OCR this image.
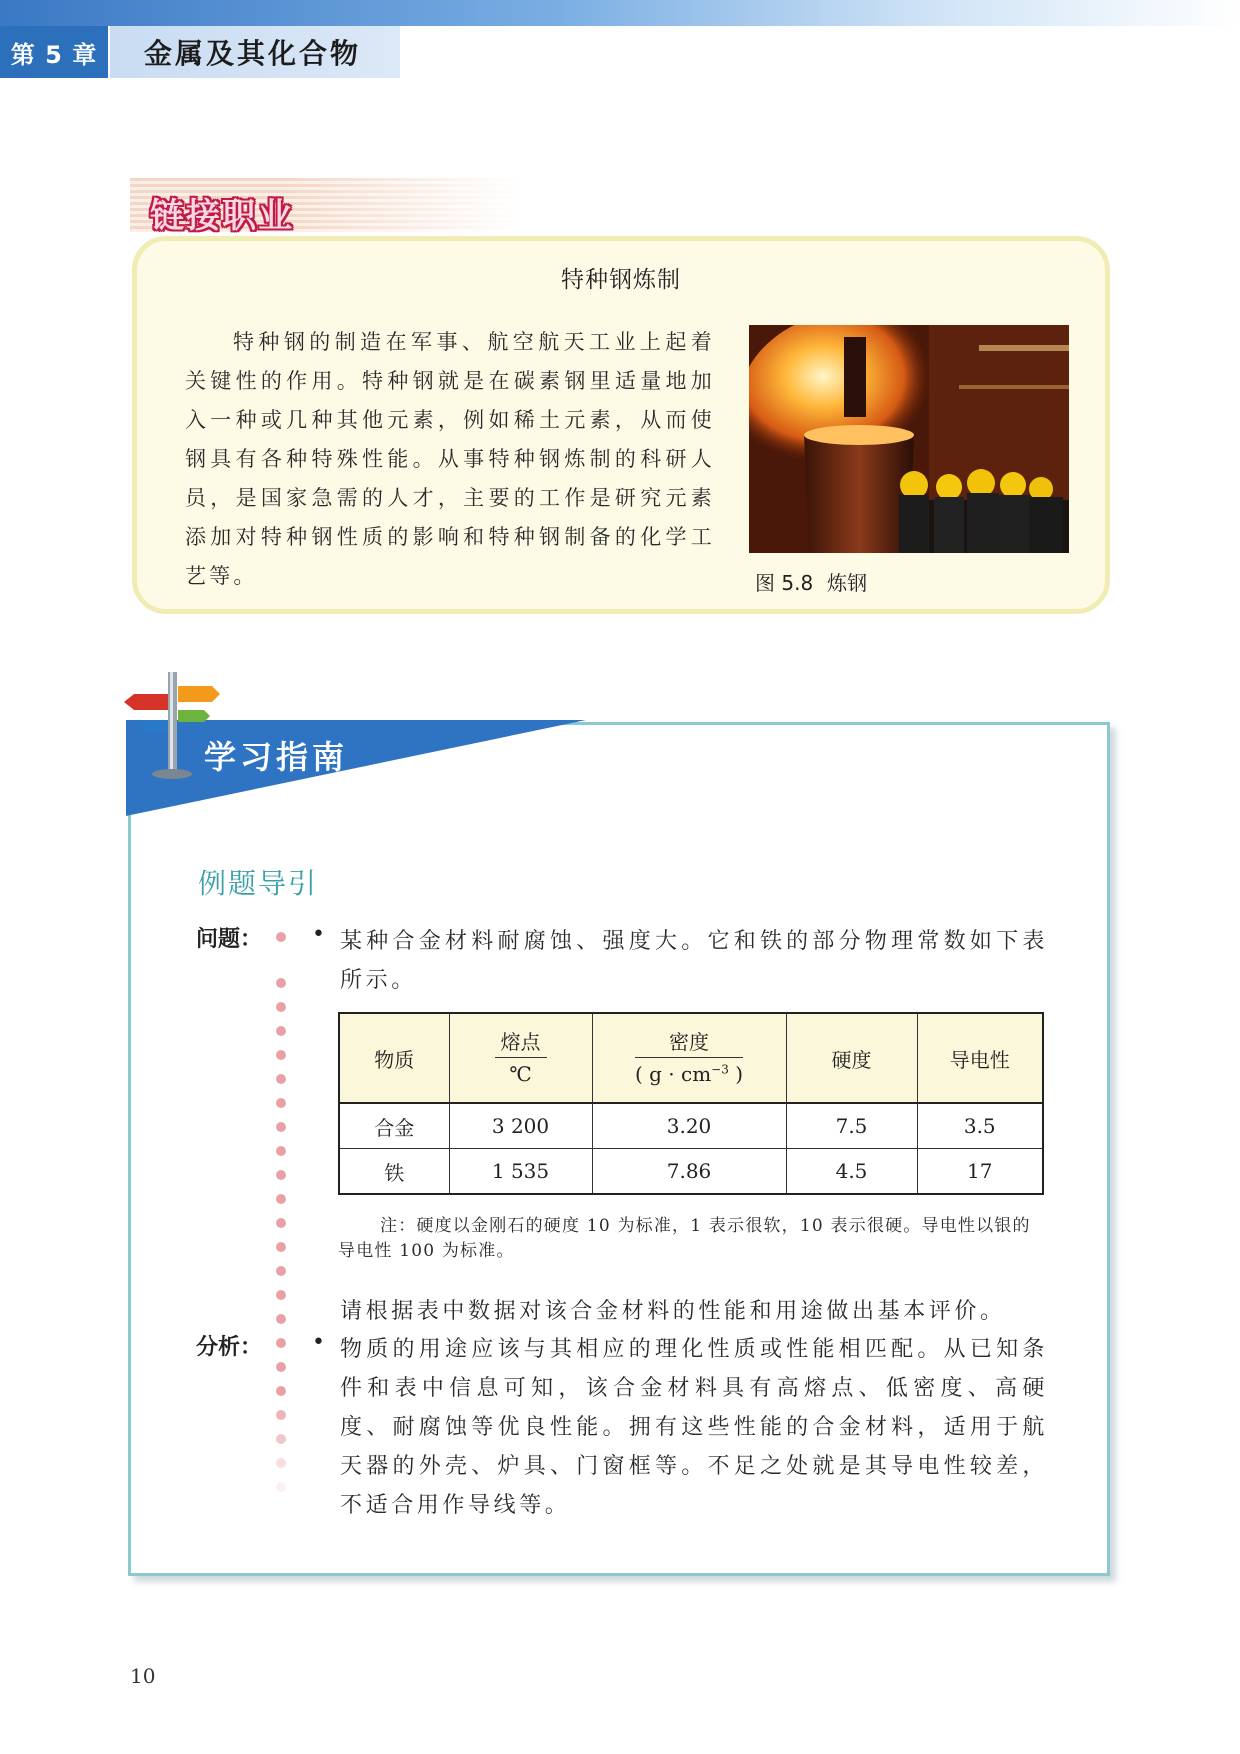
第 5 章	金属及其化合物
链接职业
特种钢炼制

特种钢的制造在军事、航空航天工业上起着关键性的作用。特种钢就是在碳素钢里适量地加入一种或几种其他元素，例如稀土元素，从而使钢具有各种特殊性能。从事特种钢炼制的科研人员，是国家急需的人才，主要的工作是研究元素添加对特种钢性质的影响和特种钢制备的化学工艺等。	图 5.8 炼钢
学习指南
例题导引
问题： • 某种合金材料耐腐蚀、强度大。它和铁的部分物理常数如下表所示。

物质	$\frac{\text{熔点}}{℃}$	$\frac{\text{密度}}{( g \cdot cm^{-3} )}$	硬度	导电性
合金	3 200	3.20	7.5	3.5
铁	1 535	7.86	4.5	17

注：硬度以金刚石的硬度 10 为标准，1 表示很软，10 表示很硬。导电性以银的导电性 100 为标准。

请根据表中数据对该合金材料的性能和用途做出基本评价。

分析： • 物质的用途应该与其相应的理化性质或性能相匹配。从已知条件和表中信息可知，该合金材料具有高熔点、低密度、高硬度、耐腐蚀等优良性能。拥有这些性能的合金材料，适用于航天器的外壳、炉具、门窗框等。不足之处就是其导电性较差，不适合用作导线等。

10
